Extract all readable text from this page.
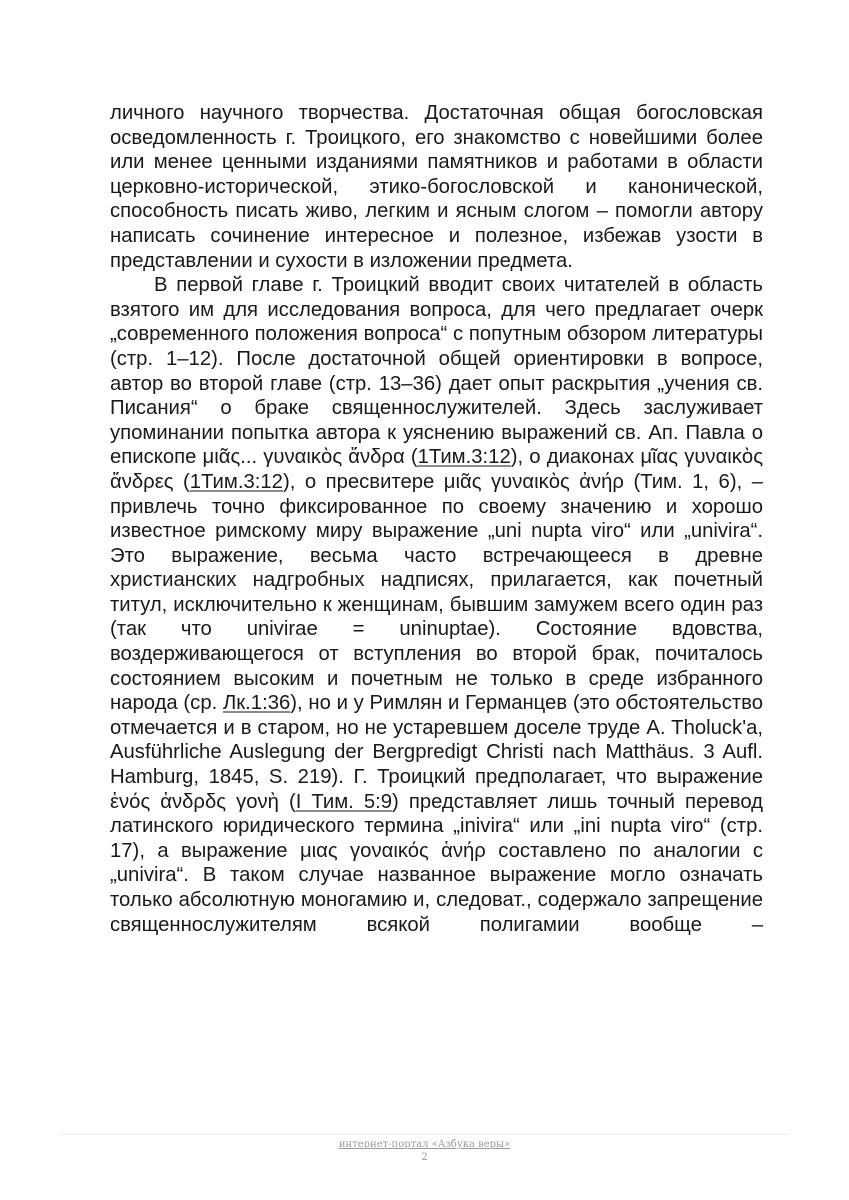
личного научного творчества. Достаточная общая богословская осведомленность г. Троицкого, его знакомство с новейшими более или менее ценными изданиями памятников и работами в области церковно-исторической, этико-богословской и канонической, способность писать живо, легким и ясным слогом – помогли автору написать сочинение интересное и полезное, избежав узости в представлении и сухости в изложении предмета.

В первой главе г. Троицкий вводит своих читателей в область взятого им для исследования вопроса, для чего предлагает очерк „современного положения вопроса“ с попутным обзором литературы (стр. 1–12). После достаточной общей ориентировки в вопросе, автор во второй главе (стр. 13–36) дает опыт раскрытия „учения св. Писания“ о браке священнослужителей. Здесь заслуживает упоминании попытка автора к уяснению выражений св. Ап. Павла о епископе μιᾶς... γυναικὸς ἄνδρα (1Тим.3:12), о диаконах μῖας γυναικὸς ἄνδρες (1Тим.3:12), о пресвитере μιᾶς γυναικὸς ἀνήρ (Тим. 1, 6), – привлечь точно фиксированное по своему значению и хорошо известное римскому миру выражение „uni nupta viro“ или „univira“. Это выражение, весьма часто встречающееся в древне христианских надгробных надписях, прилагается, как почетный титул, исключительно к женщинам, бывшим замужем всего один раз (так что univirae = uninuptae). Состояние вдовства, воздерживающегося от вступления во второй брак, почиталось состоянием высоким и почетным не только в среде избранного народа (ср. Лк.1:36), но и у Римлян и Германцев (это обстоятельство отмечается и в старом, но не устаревшем доселе труде A. Tholuck'a, Ausführliche Auslegung der Bergpredigt Christi nach Matthäus. 3 Aufl. Hamburg, 1845, S. 219). Г. Троицкий предполагает, что выражение ἑνός ἀνδρδς γονὴ (I Тим. 5:9) представляет лишь точный перевод латинского юридического термина „inivira“ или „ini nupta viro“ (стр. 17), а выражение μιας γοναικός ἁνήρ составлено по аналогии с „univira“. В таком случае названное выражение могло означать только абсолютную моногамию и, следоват., содержало запрещение священнослужителям всякой полигамии вообще –

интернет-портал «Азбука веры»
2
